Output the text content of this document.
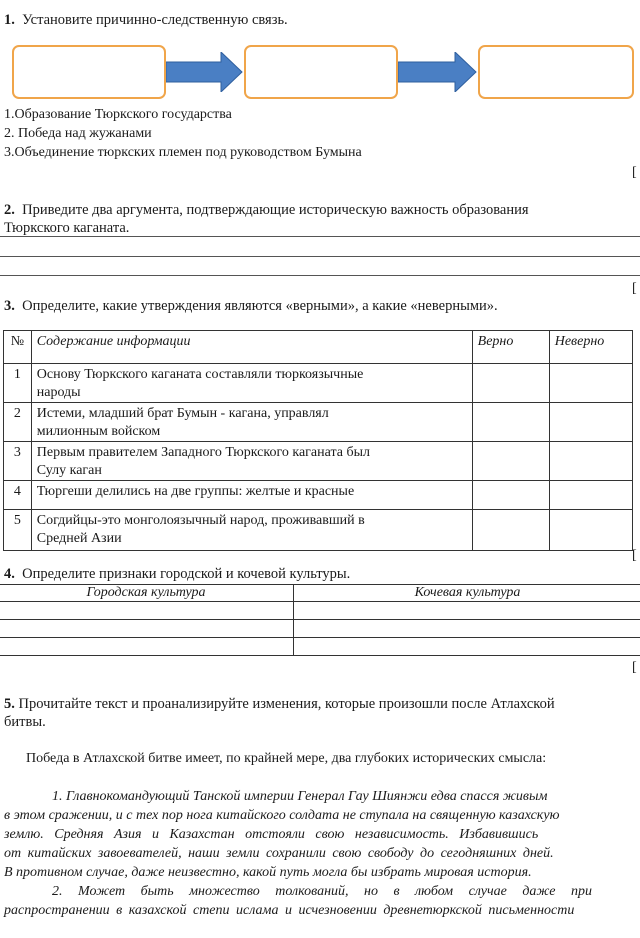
1. Установите причинно-следственную связь.
1.Образование Тюркского государства
2. Победа над жужанами
3.Объединение тюркских племен под руководством Бумына
[
2. Приведите два аргумента, подтверждающие историческую важность образования
Тюркского каганата.
[
3. Определите, какие утверждения являются «верными», а какие «неверными».
№	Содержание информации	Верно	Неверно
1	Основу Тюркского каганата составляли тюркоязычные
народы		
2	Истеми, младший брат Бумын - кагана, управлял
милионным войском		
3	Первым правителем Западного Тюркского каганата был
Сулу каган		
4	Тюргеши делились на две группы: желтые и красные		
5	Согдийцы-это монголоязычный народ, проживавший в
Средней Азии		
[
4. Определите признаки городской и кочевой культуры.
Городская культура	Кочевая культура

[
5. Прочитайте текст и проанализируйте изменения, которые произошли после Атлахской
битвы.
Победа в Атлахской битве имеет, по крайней мере, два глубоких исторических смысла:

1. Главнокомандующий Танской империи Генерал Гау Шиянжи едва спасся живым

в этом сражении, и с тех пор нога китайского солдата не ступала на священную казахскую

землю. Средняя Азия и Казахстан отстояли свою независимость. Избавившись

от китайских завоевателей, наши земли сохранили свою свободу до сегодняшних дней.

В противном случае, даже неизвестно, какой путь могла бы избрать мировая история.

2. Может быть множество толкований, но в любом случае даже при

распространении в казахской степи ислама и исчезновении древнетюркской письменности
